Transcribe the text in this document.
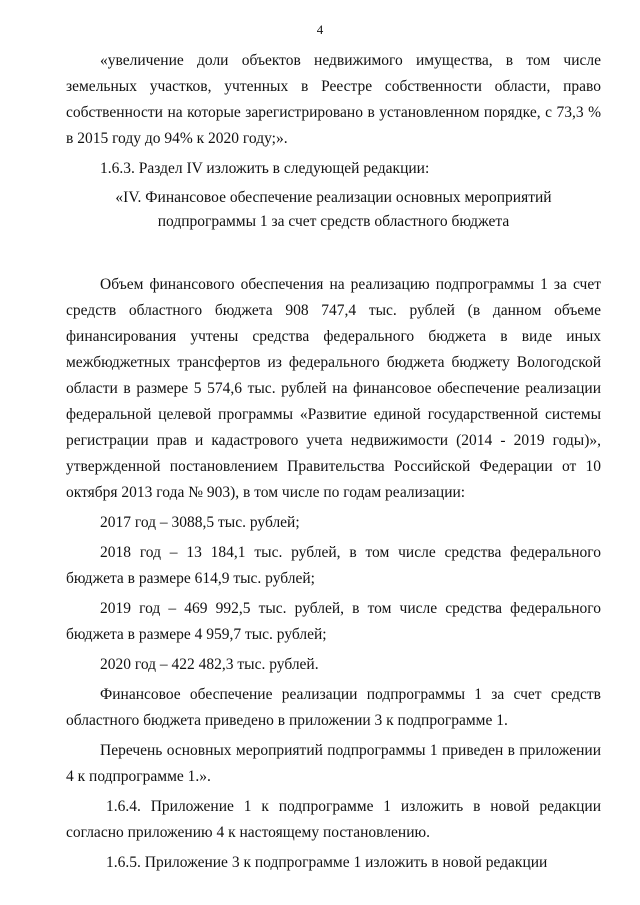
4

«увеличение доли объектов недвижимого имущества, в том числе земельных участков, учтенных в Реестре собственности области, право собственности на которые зарегистрировано в установленном порядке, с 73,3 % в 2015 году до 94% к 2020 году;».

1.6.3. Раздел IV изложить в следующей редакции:

«IV. Финансовое обеспечение реализации основных мероприятий
подпрограммы 1 за счет средств областного бюджета

Объем финансового обеспечения на реализацию подпрограммы 1 за счет средств областного бюджета 908 747,4 тыс. рублей (в данном объеме финансирования учтены средства федерального бюджета в виде иных межбюджетных трансфертов из федерального бюджета бюджету Вологодской области в размере 5 574,6 тыс. рублей на финансовое обеспечение реализации федеральной целевой программы «Развитие единой государственной системы регистрации прав и кадастрового учета недвижимости (2014 - 2019 годы)», утвержденной постановлением Правительства Российской Федерации от 10 октября 2013 года № 903), в том числе по годам реализации:

2017 год – 3088,5 тыс. рублей;

2018 год – 13 184,1 тыс. рублей, в том числе средства федерального бюджета в размере 614,9 тыс. рублей;

2019 год – 469 992,5 тыс. рублей, в том числе средства федерального бюджета в размере 4 959,7 тыс. рублей;

2020 год – 422 482,3 тыс. рублей.

Финансовое обеспечение реализации подпрограммы 1 за счет средств областного бюджета приведено в приложении 3 к подпрограмме 1.

Перечень основных мероприятий подпрограммы 1 приведен в приложении 4 к подпрограмме 1.».

1.6.4. Приложение 1 к подпрограмме 1 изложить в новой редакции согласно приложению 4 к настоящему постановлению.

1.6.5. Приложение 3 к подпрограмме 1 изложить в новой редакции
